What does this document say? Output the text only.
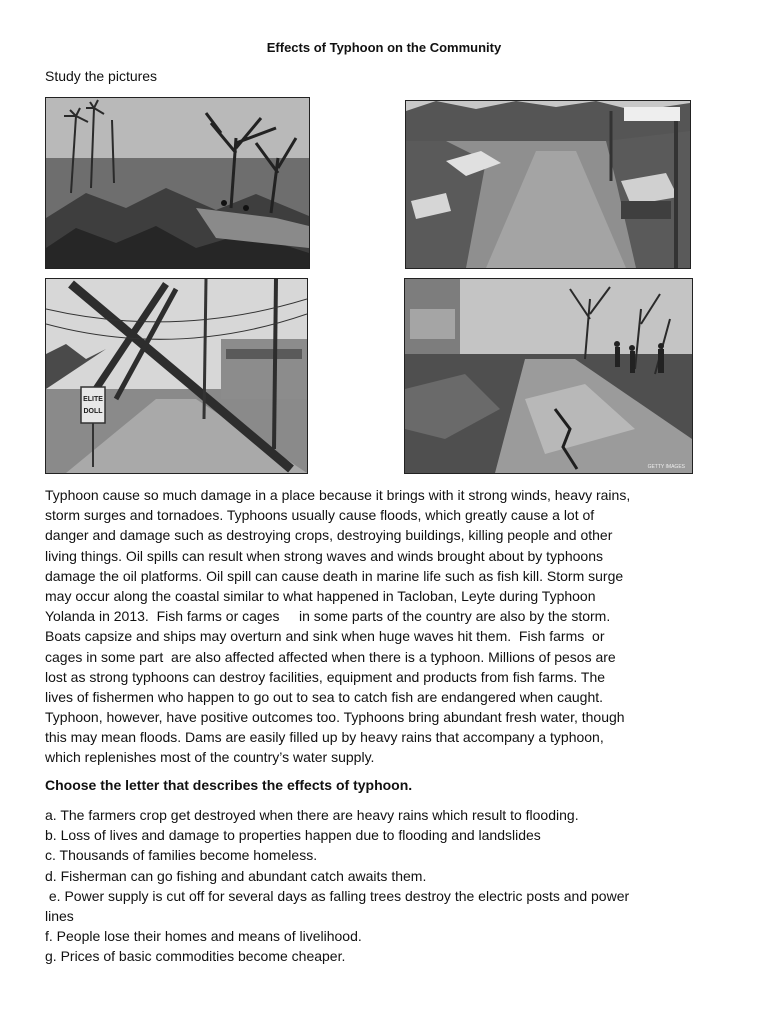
Effects of Typhoon on the Community
Study the pictures
ELITE
DOLL
GETTY IMAGES
Typhoon cause so much damage in a place because it brings with it strong winds, heavy rains,
storm surges and tornadoes. Typhoons usually cause floods, which greatly cause a lot of
danger and damage such as destroying crops, destroying buildings, killing people and other
living things. Oil spills can result when strong waves and winds brought about by typhoons
damage the oil platforms. Oil spill can cause death in marine life such as fish kill. Storm surge
may occur along the coastal similar to what happened in Tacloban, Leyte during Typhoon
Yolanda in 2013.  Fish farms or cages     in some parts of the country are also by the storm.
Boats capsize and ships may overturn and sink when huge waves hit them.  Fish farms  or
cages in some part  are also affected affected when there is a typhoon. Millions of pesos are
lost as strong typhoons can destroy facilities, equipment and products from fish farms. The
lives of fishermen who happen to go out to sea to catch fish are endangered when caught.
Typhoon, however, have positive outcomes too. Typhoons bring abundant fresh water, though
this may mean floods. Dams are easily filled up by heavy rains that accompany a typhoon,
which replenishes most of the country’s water supply.
Choose the letter that describes the effects of typhoon.
a. The farmers crop get destroyed when there are heavy rains which result to flooding.
b. Loss of lives and damage to properties happen due to flooding and landslides
c. Thousands of families become homeless.
d. Fisherman can go fishing and abundant catch awaits them.
e. Power supply is cut off for several days as falling trees destroy the electric posts and power
lines
f. People lose their homes and means of livelihood.
g. Prices of basic commodities become cheaper.
